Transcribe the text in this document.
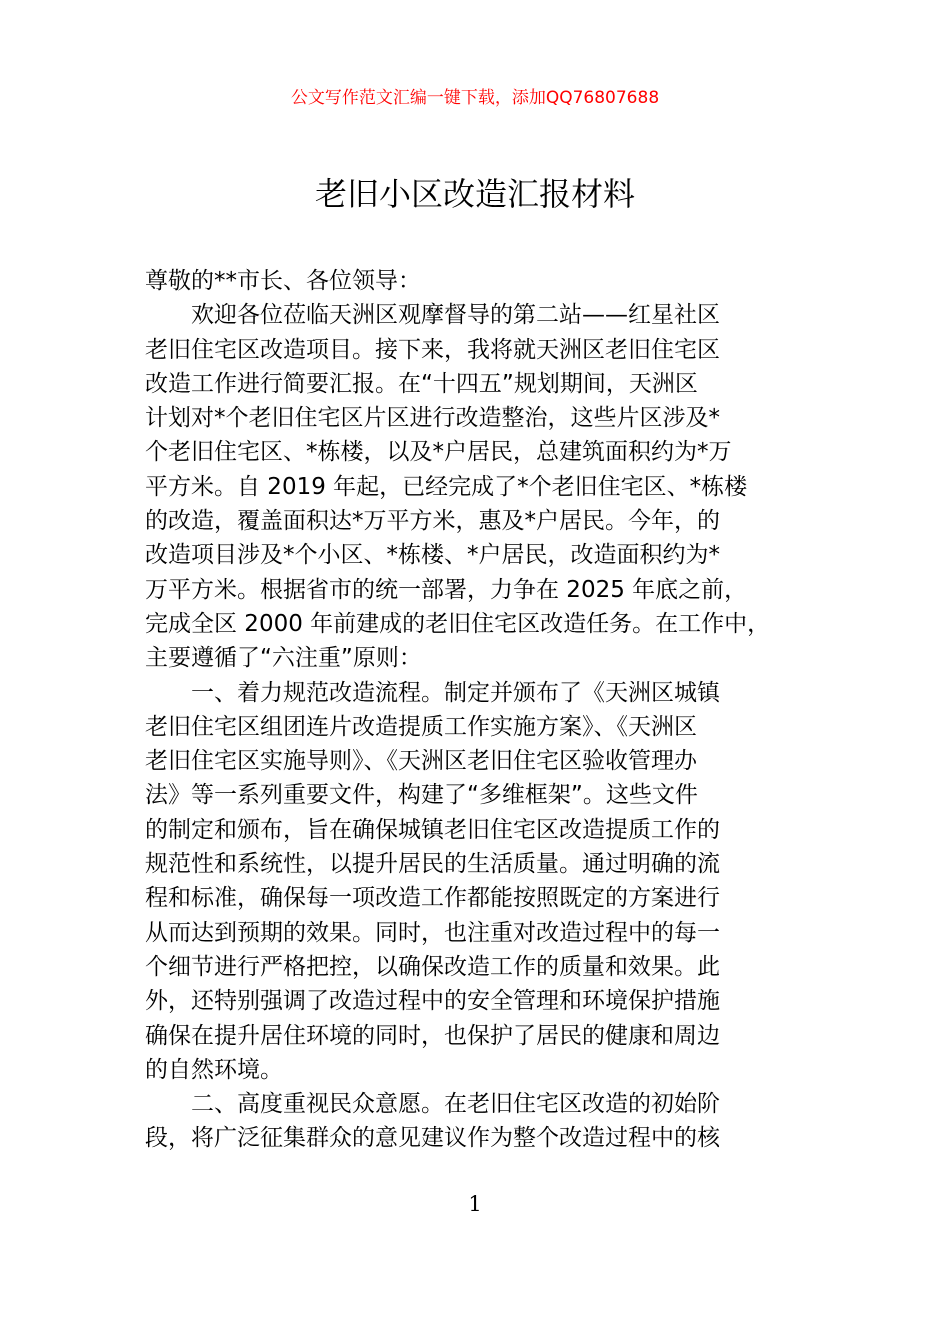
公文写作范文汇编一键下载，添加QQ76807688
老旧小区改造汇报材料
尊敬的**市长、各位领导：
欢迎各位莅临天洲区观摩督导的第二站——红星社区
老旧住宅区改造项目。接下来，我将就天洲区老旧住宅区
改造工作进行简要汇报。在“十四五”规划期间，天洲区
计划对*个老旧住宅区片区进行改造整治，这些片区涉及*
个老旧住宅区、*栋楼，以及*户居民，总建筑面积约为*万
平方米。自 2019 年起，已经完成了*个老旧住宅区、*栋楼
的改造，覆盖面积达*万平方米，惠及*户居民。今年，的
改造项目涉及*个小区、*栋楼、*户居民，改造面积约为*
万平方米。根据省市的统一部署，力争在 2025 年底之前，
完成全区 2000 年前建成的老旧住宅区改造任务。在工作中，
主要遵循了“六注重”原则：
一、着力规范改造流程。制定并颁布了《天洲区城镇
老旧住宅区组团连片改造提质工作实施方案》、《天洲区
老旧住宅区实施导则》、《天洲区老旧住宅区验收管理办
法》等一系列重要文件，构建了“多维框架”。这些文件
的制定和颁布，旨在确保城镇老旧住宅区改造提质工作的
规范性和系统性，以提升居民的生活质量。通过明确的流
程和标准，确保每一项改造工作都能按照既定的方案进行
从而达到预期的效果。同时，也注重对改造过程中的每一
个细节进行严格把控，以确保改造工作的质量和效果。此
外，还特别强调了改造过程中的安全管理和环境保护措施
确保在提升居住环境的同时，也保护了居民的健康和周边
的自然环境。
二、高度重视民众意愿。在老旧住宅区改造的初始阶
段，将广泛征集群众的意见建议作为整个改造过程中的核
1
